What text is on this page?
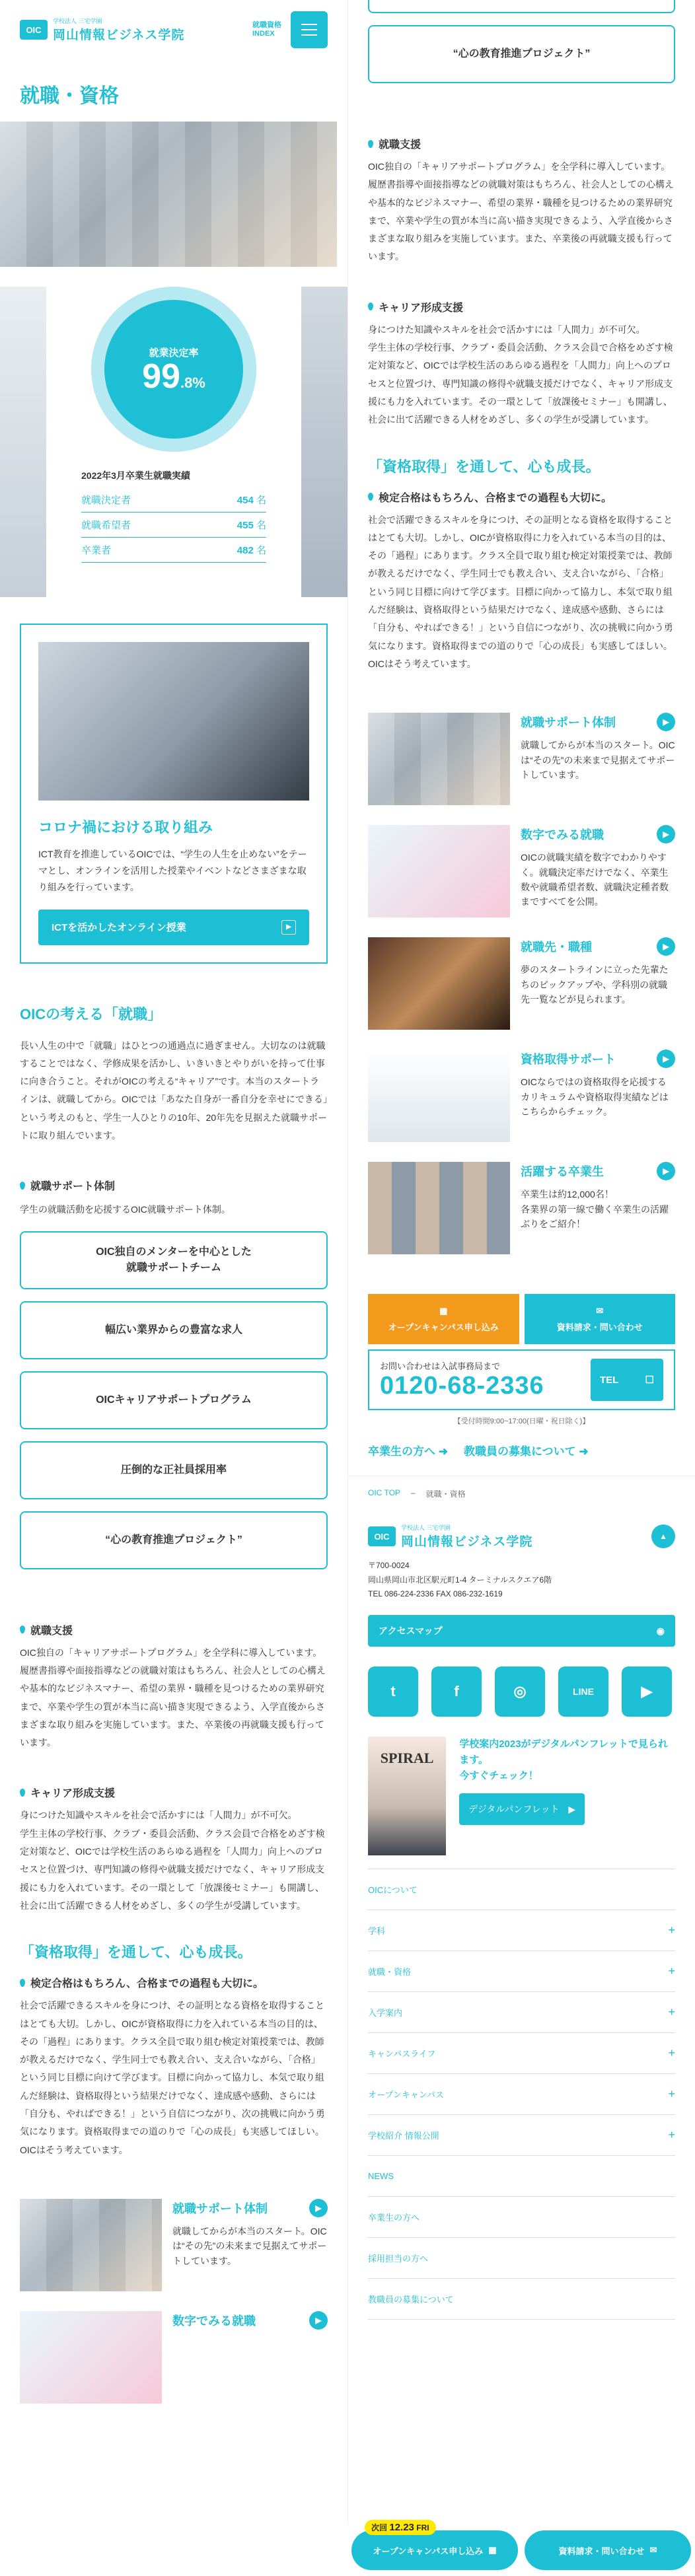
OIC
学校法人 三宅学園
岡山情報ビジネス学院
就職資格
INDEX
就職・資格
就業決定率
99.8%
2022年3月卒業生就職実績
就職決定者	454 名
就職希望者	455 名
卒業者	482 名
コロナ禍における取り組み
ICT教育を推進しているOICでは、“学生の人生を止めない”をテーマとし、オンラインを活用した授業やイベントなどさまざまな取り組みを行っています。
ICTを活かしたオンライン授業	▶
OICの考える「就職」
長い人生の中で「就職」はひとつの通過点に過ぎません。大切なのは就職することではなく、学修成果を活かし、いきいきとやりがいを持って仕事に向き合うこと。それがOICの考える“キャリア”です。本当のスタートラインは、就職してから。OICでは「あなた自身が一番自分を幸せにできる」という考えのもと、学生一人ひとりの10年、20年先を見据えた就職サポートに取り組んでいます。
就職サポート体制
学生の就職活動を応援するOIC就職サポート体制。
OIC独自のメンターを中心とした
就職サポートチーム
幅広い業界からの豊富な求人
OICキャリアサポートプログラム
圧倒的な正社員採用率
“心の教育推進プロジェクト”
就職支援
OIC独自の「キャリアサポートプログラム」を全学科に導入しています。履歴書指導や面接指導などの就職対策はもちろん、社会人としての心構えや基本的なビジネスマナー、希望の業界・職種を見つけるための業界研究まで、卒業や学生の質が本当に高い描き実現できるよう、入学直後からさまざまな取り組みを実施しています。また、卒業後の再就職支援も行っています。
キャリア形成支援
身につけた知識やスキルを社会で活かすには「人間力」が不可欠。
学生主体の学校行事、クラブ・委員会活動、クラス会員で合格をめざす検定対策など、OICでは学校生活のあらゆる過程を「人間力」向上へのプロセスと位置づけ、専門知識の修得や就職支援だけでなく、キャリア形成支援にも力を入れています。その一環として「放課後セミナー」も開講し、社会に出て活躍できる人材をめざし、多くの学生が受講しています。
「資格取得」を通して、心も成長。
検定合格はもちろん、合格までの過程も大切に。
社会で活躍できるスキルを身につけ、その証明となる資格を取得することはとても大切。しかし、OICが資格取得に力を入れている本当の目的は、その「過程」にあります。クラス全員で取り組む検定対策授業では、教師が教えるだけでなく、学生同士でも教え合い、支え合いながら、「合格」という同じ目標に向けて学びます。目標に向かって協力し、本気で取り組んだ経験は、資格取得という結果だけでなく、達成感や感動、さらには「自分も、やればできる！」という自信につながり、次の挑戦に向かう勇気になります。資格取得までの道のりで「心の成長」も実感してほしい。OICはそう考えています。
就職サポート体制	▶
就職してからが本当のスタート。OICは“その先”の未来まで見据えてサポートしています。
数字でみる就職	▶
“心の教育推進プロジェクト”
就職支援
OIC独自の「キャリアサポートプログラム」を全学科に導入しています。履歴書指導や面接指導などの就職対策はもちろん、社会人としての心構えや基本的なビジネスマナー、希望の業界・職種を見つけるための業界研究まで、卒業や学生の質が本当に高い描き実現できるよう、入学直後からさまざまな取り組みを実施しています。また、卒業後の再就職支援も行っています。
キャリア形成支援
身につけた知識やスキルを社会で活かすには「人間力」が不可欠。
学生主体の学校行事、クラブ・委員会活動、クラス会員で合格をめざす検定対策など、OICでは学校生活のあらゆる過程を「人間力」向上へのプロセスと位置づけ、専門知識の修得や就職支援だけでなく、キャリア形成支援にも力を入れています。その一環として「放課後セミナー」も開講し、社会に出て活躍できる人材をめざし、多くの学生が受講しています。
「資格取得」を通して、心も成長。
検定合格はもちろん、合格までの過程も大切に。
社会で活躍できるスキルを身につけ、その証明となる資格を取得することはとても大切。しかし、OICが資格取得に力を入れている本当の目的は、その「過程」にあります。クラス全員で取り組む検定対策授業では、教師が教えるだけでなく、学生同士でも教え合い、支え合いながら、「合格」という同じ目標に向けて学びます。目標に向かって協力し、本気で取り組んだ経験は、資格取得という結果だけでなく、達成感や感動、さらには「自分も、やればできる！」という自信につながり、次の挑戦に向かう勇気になります。資格取得までの道のりで「心の成長」も実感してほしい。OICはそう考えています。
就職サポート体制	▶
就職してからが本当のスタート。OICは“その先”の未来まで見据えてサポートしています。
数字でみる就職	▶
OICの就職実績を数字でわかりやすく。就職決定率だけでなく、卒業生数や就職希望者数、就職決定種者数まですべてを公開。
就職先・職種	▶
夢のスタートラインに立った先輩たちのピックアップや、学科別の就職先一覧などが見られます。
資格取得サポート	▶
OICならではの資格取得を応援するカリキュラムや資格取得実績などはこちらからチェック。
活躍する卒業生	▶
卒業生は約12,000名！
各業界の第一線で働く卒業生の活躍ぶりをご紹介！
▦
オープンキャンパス申し込み
✉
資料請求・問い合わせ
お問い合わせは入試事務局まで
0120-68-2336	TEL	☐
【受付時間9:00~17:00(日曜・祝日除く)】
卒業生の方へ ➜ 教職員の募集について ➜
OIC TOP – 就職・資格
OIC
学校法人 三宅学園
岡山情報ビジネス学院	▲
〒700-0024
岡山県岡山市北区駅元町1-4 ターミナルスクエア6階
TEL 086-224-2336 FAX 086-232-1619
アクセスマップ	◉
t	f	◎	LINE	▶
SPIRAL
学校案内2023がデジタルパンフレットで見られます。
今すぐチェック！
デジタルパンフレット ▶
OICについて
学科	+
就職・資格	+
入学案内	+
キャンパスライフ	+
オープンキャンパス	+
学校紹介 情報公開	+
NEWS
卒業生の方へ
採用担当の方へ
教職員の募集について
次回 12.23 FRI
オープンキャンパス申し込み ▦	資料請求・問い合わせ ✉
